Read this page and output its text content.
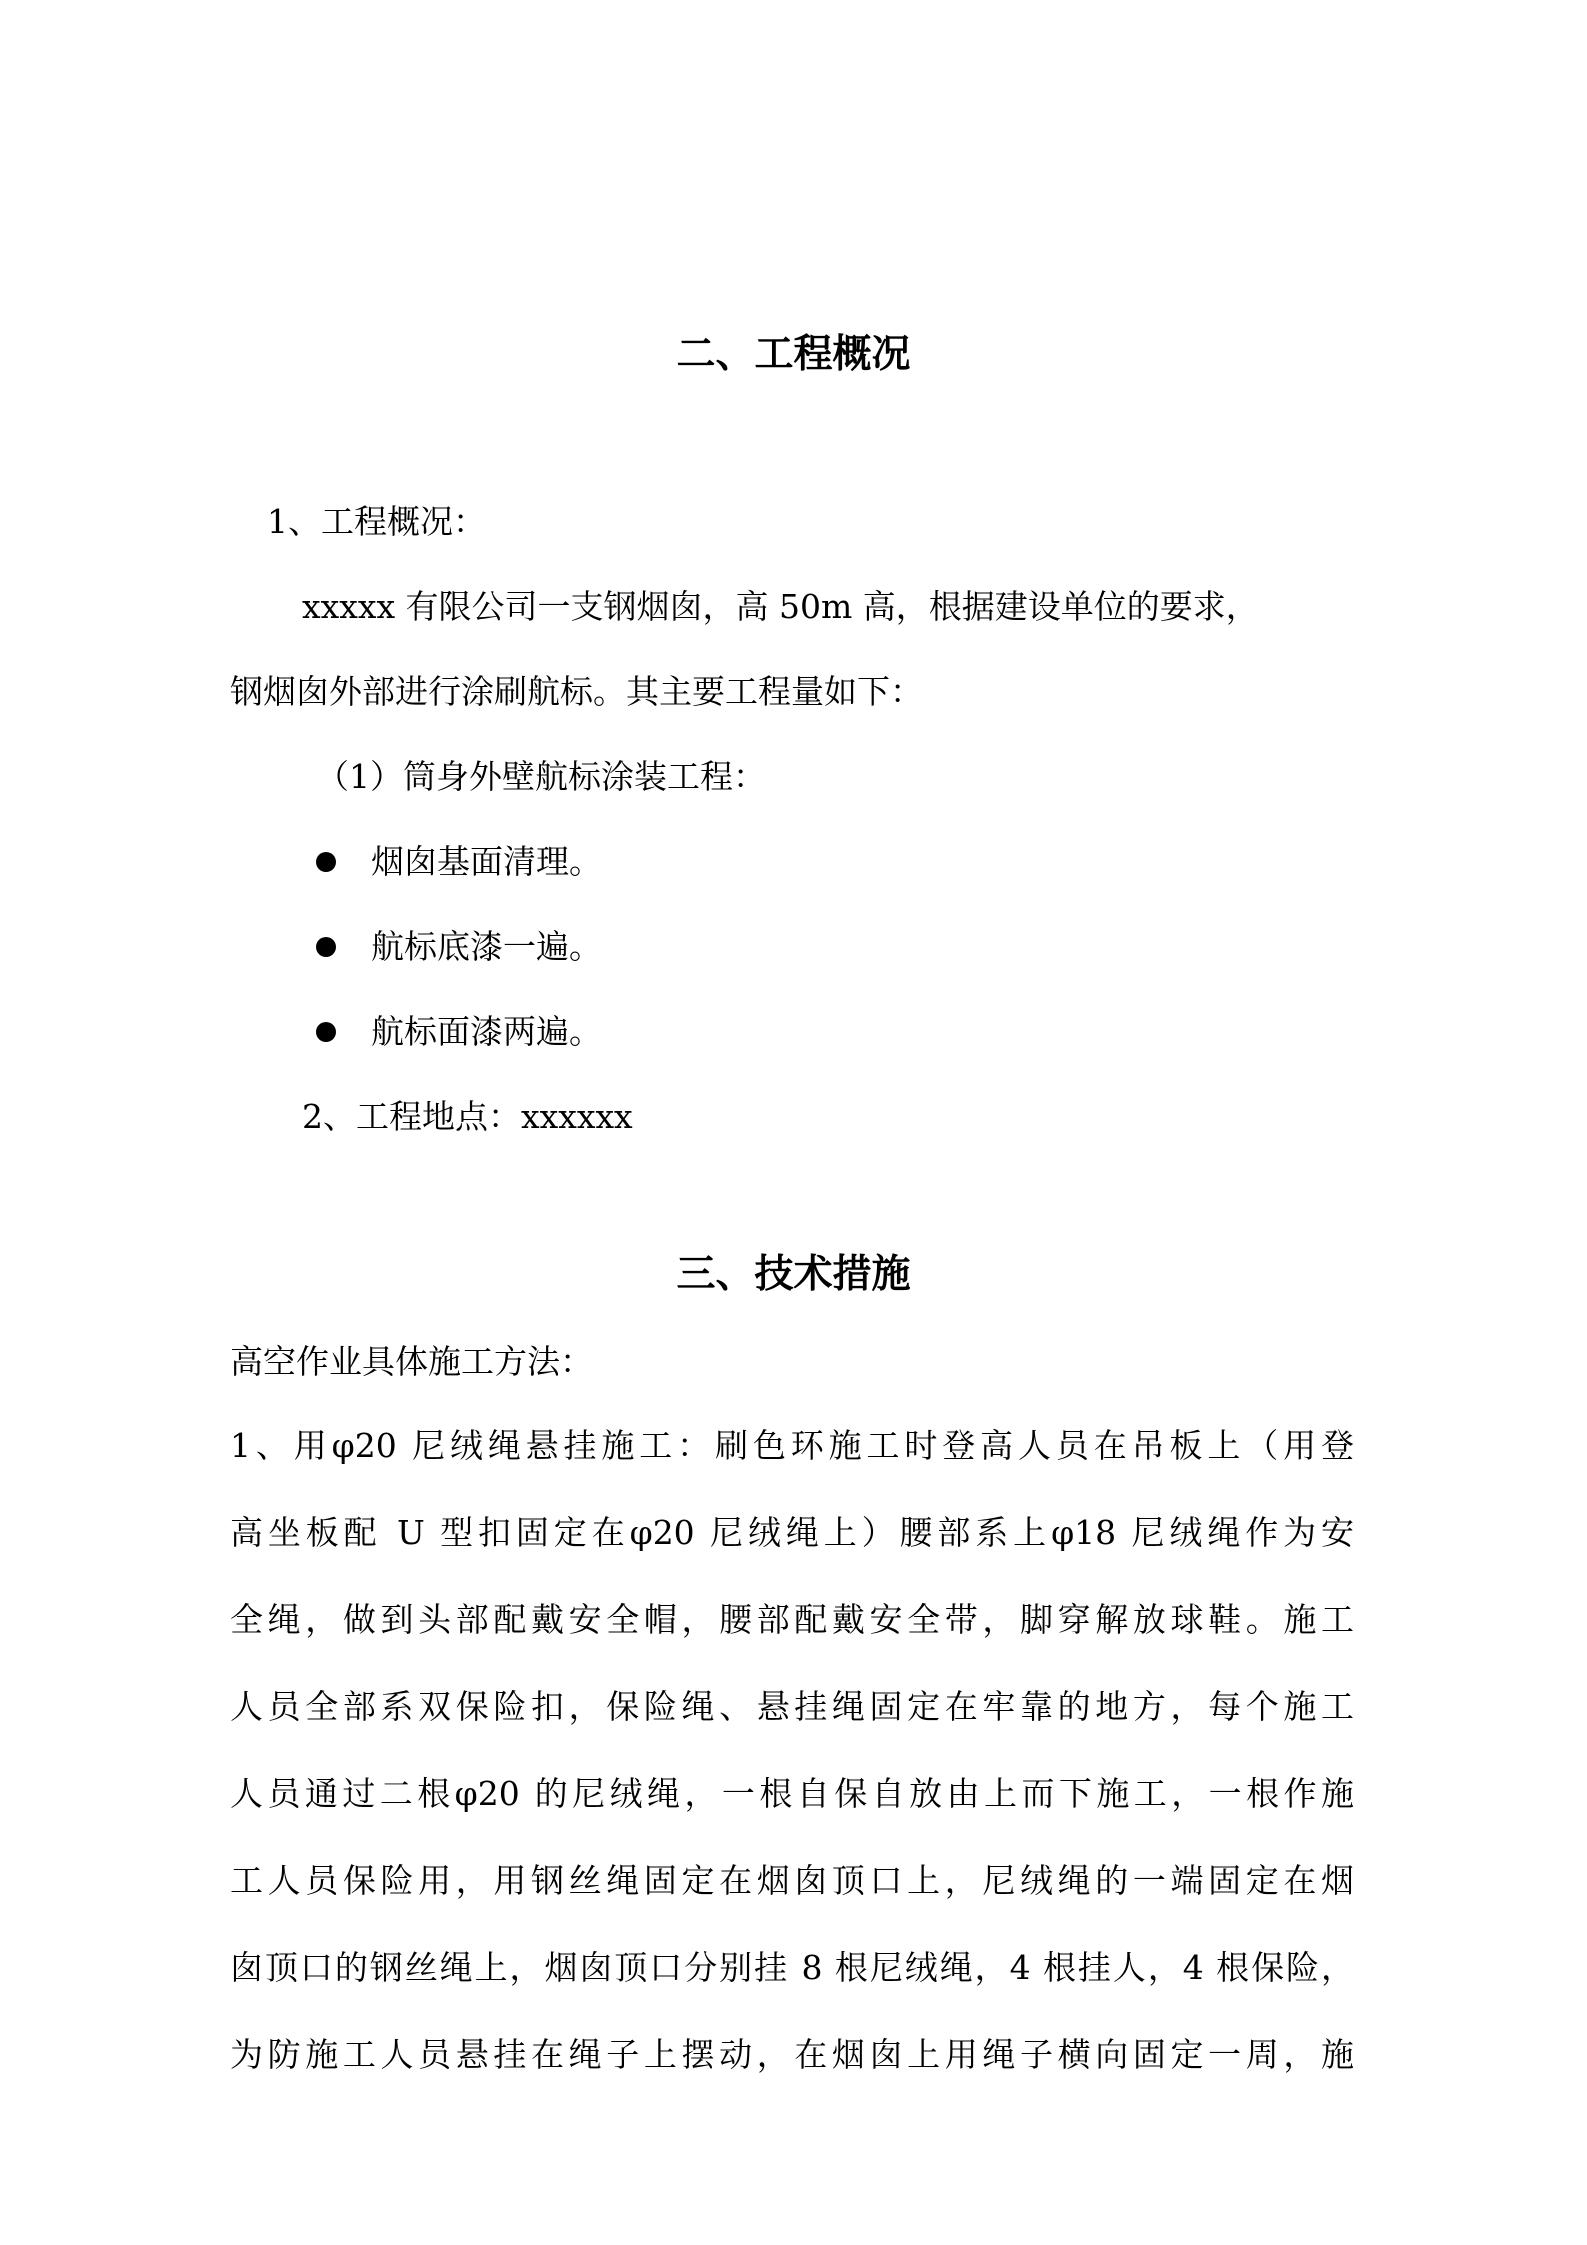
二、工程概况
1、工程概况：
xxxxx 有限公司一支钢烟囱，高 50m 高，根据建设单位的要求，
钢烟囱外部进行涂刷航标。其主要工程量如下：
（1）筒身外壁航标涂装工程：
烟囱基面清理。
航标底漆一遍。
航标面漆两遍。
2、工程地点：xxxxxx
三、技术措施
高空作业具体施工方法：
1、用φ20 尼绒绳悬挂施工：刷色环施工时登高人员在吊板上（用登
高坐板配 U 型扣固定在φ20 尼绒绳上）腰部系上φ18 尼绒绳作为安
全绳，做到头部配戴安全帽，腰部配戴安全带，脚穿解放球鞋。施工
人员全部系双保险扣，保险绳、悬挂绳固定在牢靠的地方，每个施工
人员通过二根φ20 的尼绒绳，一根自保自放由上而下施工，一根作施
工人员保险用，用钢丝绳固定在烟囱顶口上，尼绒绳的一端固定在烟
囱顶口的钢丝绳上，烟囱顶口分别挂 8 根尼绒绳，4 根挂人，4 根保险，
为防施工人员悬挂在绳子上摆动，在烟囱上用绳子横向固定一周，施
